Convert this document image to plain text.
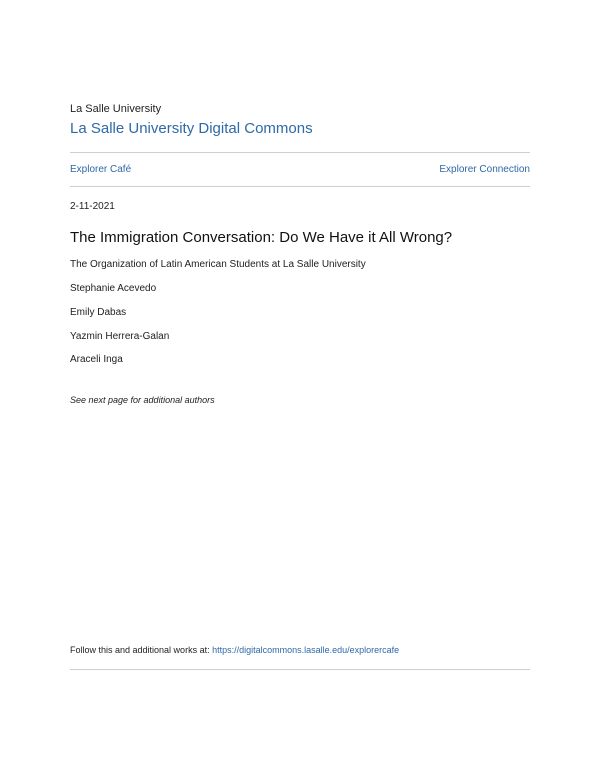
La Salle University
La Salle University Digital Commons
Explorer Café	Explorer Connection
2-11-2021
The Immigration Conversation: Do We Have it All Wrong?
The Organization of Latin American Students at La Salle University
Stephanie Acevedo
Emily Dabas
Yazmin Herrera-Galan
Araceli Inga
See next page for additional authors
Follow this and additional works at: https://digitalcommons.lasalle.edu/explorercafe
